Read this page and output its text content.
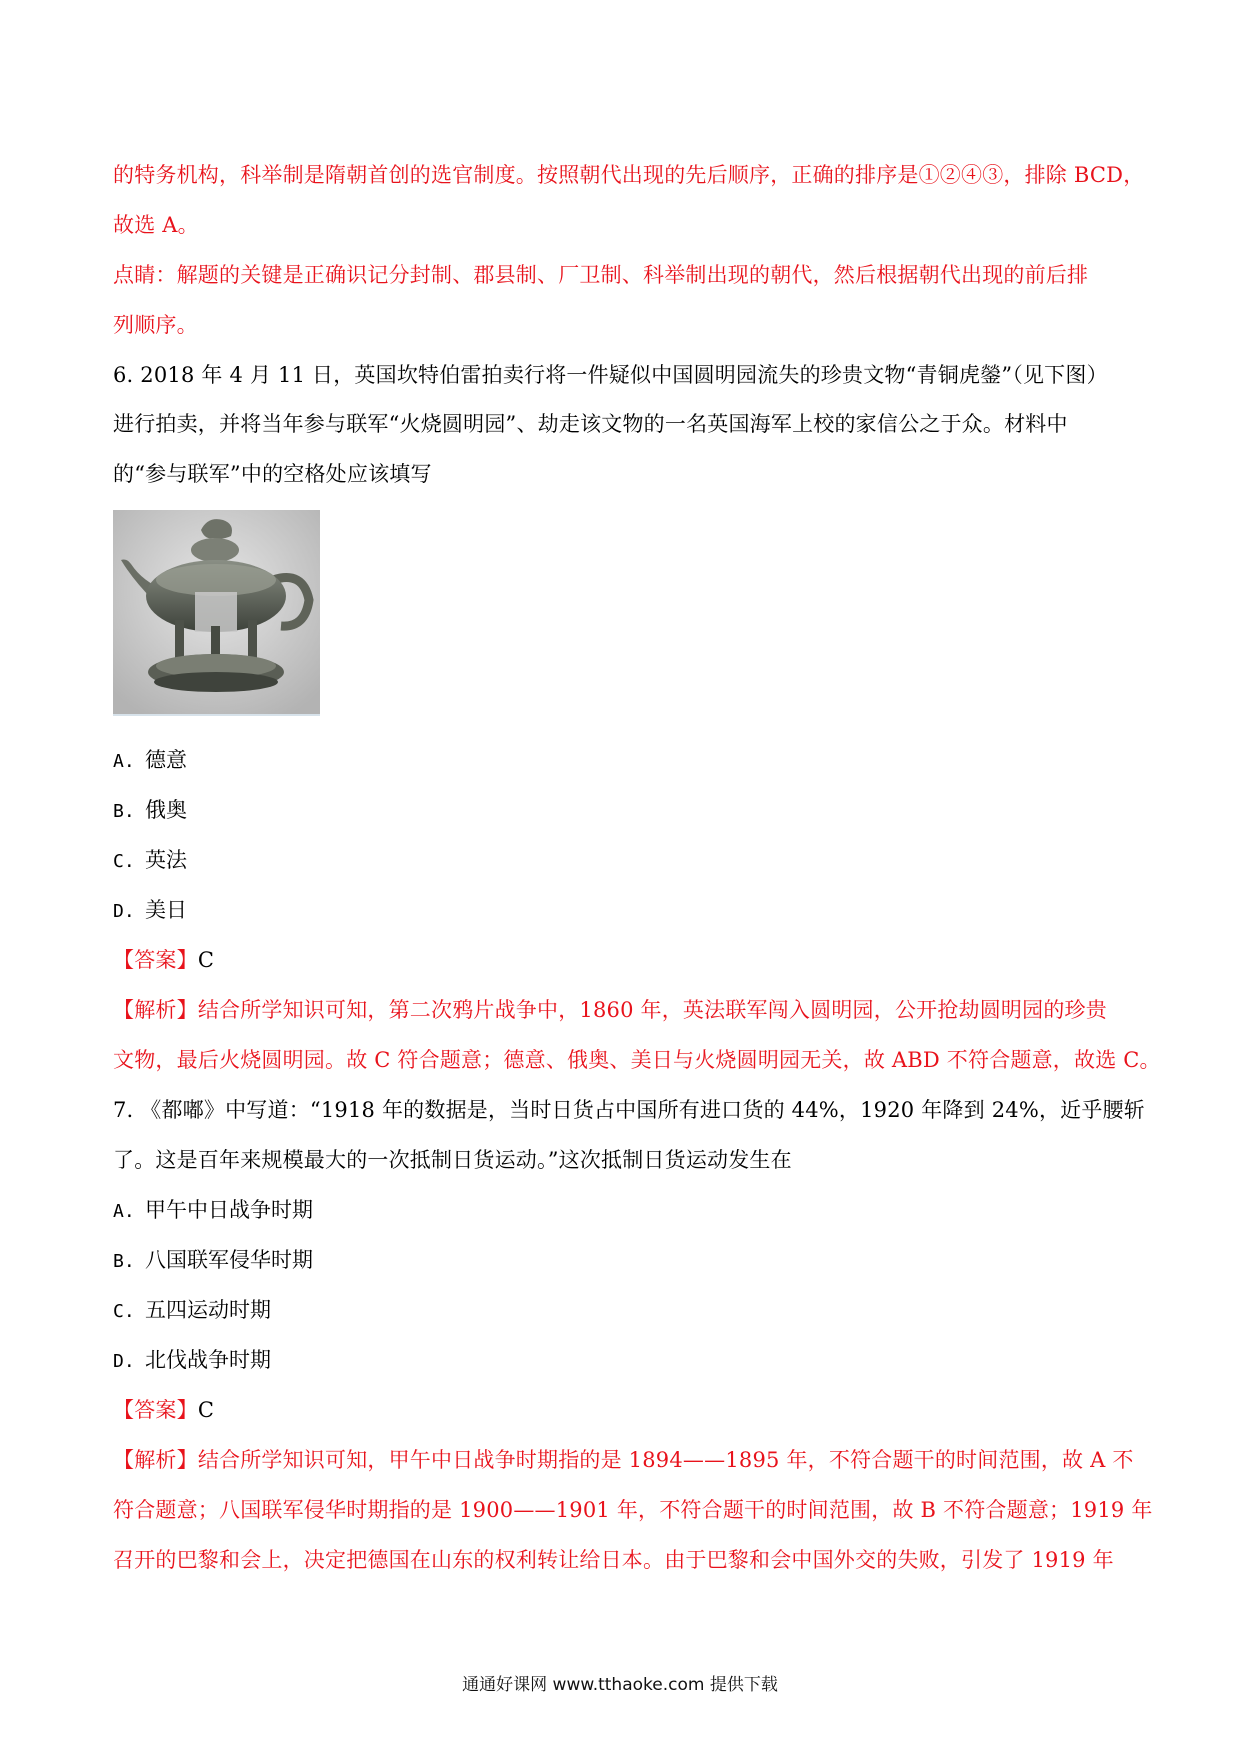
的特务机构，科举制是隋朝首创的选官制度。按照朝代出现的先后顺序，正确的排序是①②④③，排除 BCD，
故选 A。
点睛：解题的关键是正确识记分封制、郡县制、厂卫制、科举制出现的朝代，然后根据朝代出现的前后排
列顺序。
6. 2018 年 4 月 11 日，英国坎特伯雷拍卖行将一件疑似中国圆明园流失的珍贵文物“青铜虎鎣”（见下图）
进行拍卖，并将当年参与联军“火烧圆明园”、劫走该文物的一名英国海军上校的家信公之于众。材料中
的“参与联军”中的空格处应该填写
A. 德意
B. 俄奥
C. 英法
D. 美日
【答案】C
【解析】结合所学知识可知，第二次鸦片战争中，1860 年，英法联军闯入圆明园，公开抢劫圆明园的珍贵
文物，最后火烧圆明园。故 C 符合题意；德意、俄奥、美日与火烧圆明园无关，故 ABD 不符合题意，故选 C。
7. 《都嘟》中写道：“1918 年的数据是，当时日货占中国所有进口货的 44%，1920 年降到 24%，近乎腰斩
了。这是百年来规模最大的一次抵制日货运动。”这次抵制日货运动发生在
A. 甲午中日战争时期
B. 八国联军侵华时期
C. 五四运动时期
D. 北伐战争时期
【答案】C
【解析】结合所学知识可知，甲午中日战争时期指的是 1894——1895 年，不符合题干的时间范围，故 A 不
符合题意；八国联军侵华时期指的是 1900——1901 年，不符合题干的时间范围，故 B 不符合题意；1919 年
召开的巴黎和会上，决定把德国在山东的权利转让给日本。由于巴黎和会中国外交的失败，引发了 1919 年
通通好课网 www.tthaoke.com 提供下载
